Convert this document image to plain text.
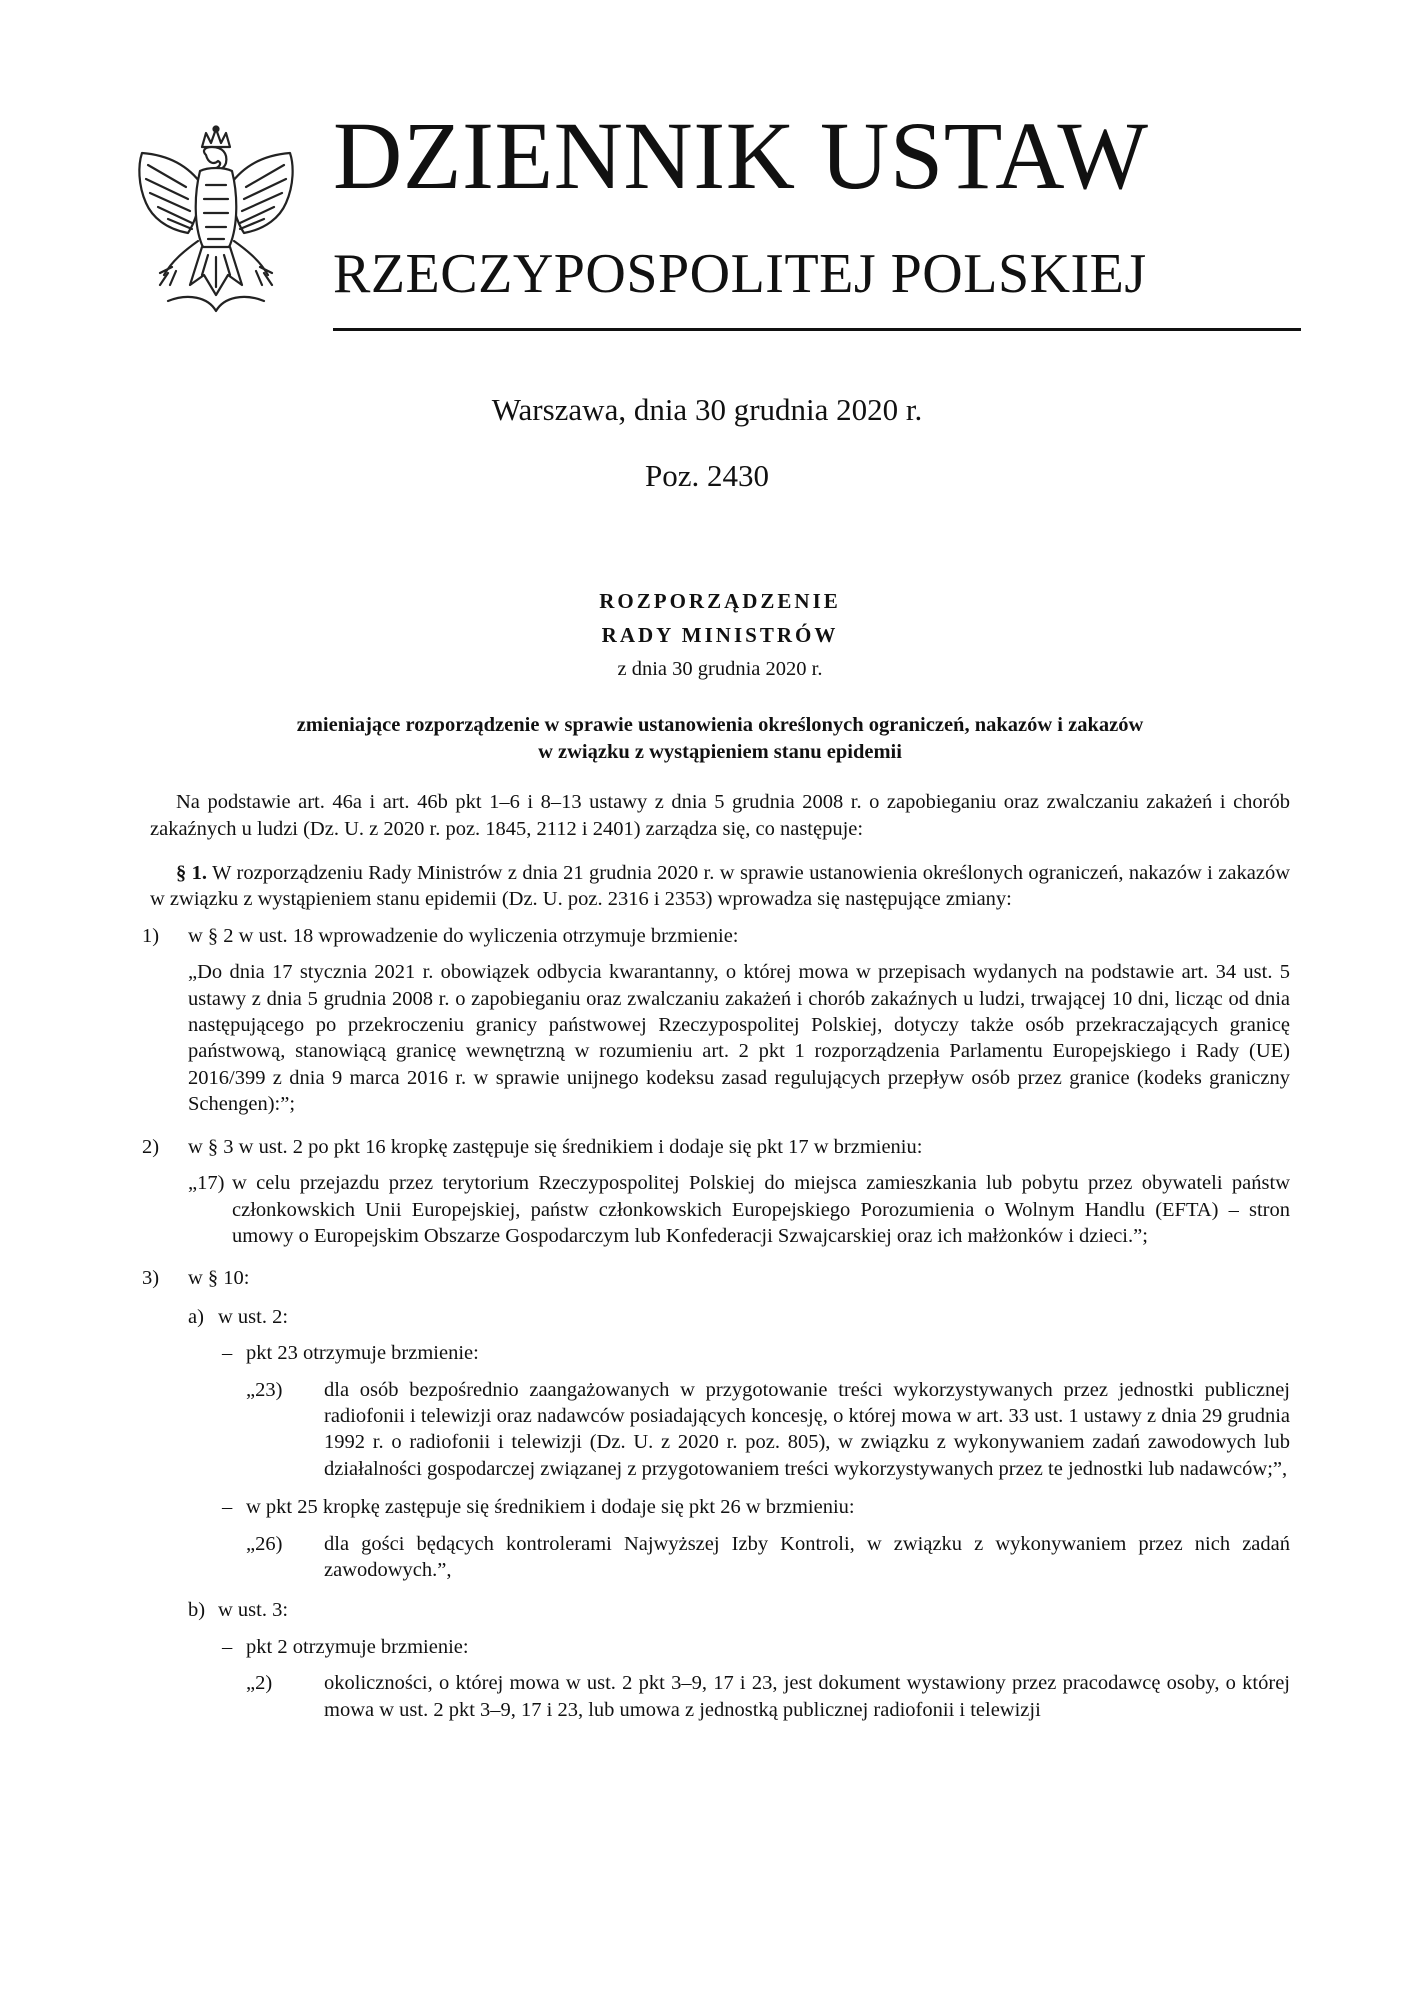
DZIENNIK USTAW
RZECZYPOSPOLITEJ POLSKIEJ
Warszawa, dnia 30 grudnia 2020 r.
Poz. 2430

ROZPORZĄDZENIE

RADY MINISTRÓW

z dnia 30 grudnia 2020 r.

zmieniające rozporządzenie w sprawie ustanowienia określonych ograniczeń, nakazów i zakazów

w związku z wystąpieniem stanu epidemii

Na podstawie art. 46a i art. 46b pkt 1–6 i 8–13 ustawy z dnia 5 grudnia 2008 r. o zapobieganiu oraz zwalczaniu zakażeń i chorób zakaźnych u ludzi (Dz. U. z 2020 r. poz. 1845, 2112 i 2401) zarządza się, co następuje:

§ 1. W rozporządzeniu Rady Ministrów z dnia 21 grudnia 2020 r. w sprawie ustanowienia określonych ograniczeń, nakazów i zakazów w związku z wystąpieniem stanu epidemii (Dz. U. poz. 2316 i 2353) wprowadza się następujące zmiany:

1) w § 2 w ust. 18 wprowadzenie do wyliczenia otrzymuje brzmienie:

„Do dnia 17 stycznia 2021 r. obowiązek odbycia kwarantanny, o której mowa w przepisach wydanych na podstawie art. 34 ust. 5 ustawy z dnia 5 grudnia 2008 r. o zapobieganiu oraz zwalczaniu zakażeń i chorób zakaźnych u ludzi, trwającej 10 dni, licząc od dnia następującego po przekroczeniu granicy państwowej Rzeczypospolitej Polskiej, dotyczy także osób przekraczających granicę państwową, stanowiącą granicę wewnętrzną w rozumieniu art. 2 pkt 1 rozporządzenia Parlamentu Europejskiego i Rady (UE) 2016/399 z dnia 9 marca 2016 r. w sprawie unijnego kodeksu zasad regulujących przepływ osób przez granice (kodeks graniczny Schengen):”;

2) w § 3 w ust. 2 po pkt 16 kropkę zastępuje się średnikiem i dodaje się pkt 17 w brzmieniu:

„17) w celu przejazdu przez terytorium Rzeczypospolitej Polskiej do miejsca zamieszkania lub pobytu przez obywateli państw członkowskich Unii Europejskiej, państw członkowskich Europejskiego Porozumienia o Wolnym Handlu (EFTA) – stron umowy o Europejskim Obszarze Gospodarczym lub Konfederacji Szwajcarskiej oraz ich małżonków i dzieci.”;

3) w § 10:

a) w ust. 2:

– pkt 23 otrzymuje brzmienie:

„23) dla osób bezpośrednio zaangażowanych w przygotowanie treści wykorzystywanych przez jednostki publicznej radiofonii i telewizji oraz nadawców posiadających koncesję, o której mowa w art. 33 ust. 1 ustawy z dnia 29 grudnia 1992 r. o radiofonii i telewizji (Dz. U. z 2020 r. poz. 805), w związku z wykonywaniem zadań zawodowych lub działalności gospodarczej związanej z przygotowaniem treści wykorzystywanych przez te jednostki lub nadawców;”,

– w pkt 25 kropkę zastępuje się średnikiem i dodaje się pkt 26 w brzmieniu:

„26) dla gości będących kontrolerami Najwyższej Izby Kontroli, w związku z wykonywaniem przez nich zadań zawodowych.”,

b) w ust. 3:

– pkt 2 otrzymuje brzmienie:

„2)	okoliczności, o której mowa w ust. 2 pkt 3–9, 17 i 23, jest dokument wystawiony przez pracodawcę osoby, o której mowa w ust. 2 pkt 3–9, 17 i 23, lub umowa z jednostką publicznej radiofonii i telewizji
